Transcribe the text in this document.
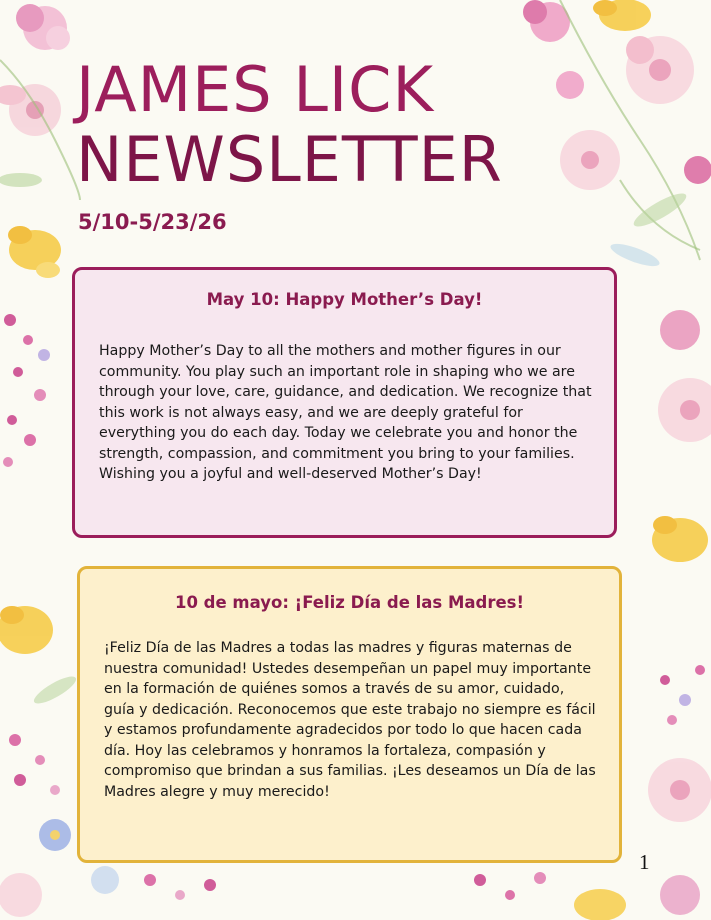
JAMES LICK
NEWSLETTER
5/10-5/23/26
May 10: Happy Mother’s Day!

Happy Mother’s Day to all the mothers and mother figures in our community. You play such an important role in shaping who we are through your love, care, guidance, and dedication. We recognize that this work is not always easy, and we are deeply grateful for everything you do each day. Today we celebrate you and honor the strength, compassion, and commitment you bring to your families. Wishing you a joyful and well-deserved Mother’s Day!

10 de mayo: ¡Feliz Día de las Madres!

¡Feliz Día de las Madres a todas las madres y figuras maternas de nuestra comunidad! Ustedes desempeñan un papel muy importante en la formación de quiénes somos a través de su amor, cuidado, guía y dedicación. Reconocemos que este trabajo no siempre es fácil y estamos profundamente agradecidos por todo lo que hacen cada día. Hoy las celebramos y honramos la fortaleza, compasión y compromiso que brindan a sus familias. ¡Les deseamos un Día de las Madres alegre y muy merecido!

1
